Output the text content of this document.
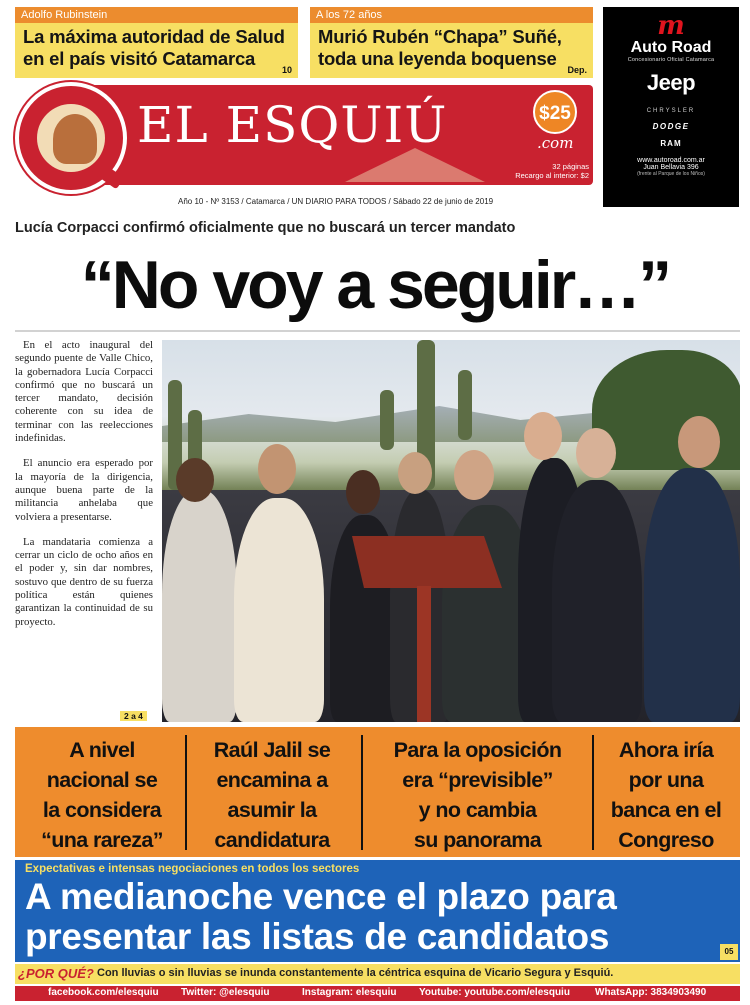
Adolfo Rubinstein
La máxima autoridad de Salud
en el país visitó Catamarca
10
A los 72 años
Murió Rubén “Chapa” Suñé,
toda una leyenda boquense
Dep.
m
Auto Road
Concesionario Oficial Catamarca
Jeep
CHRYSLER
DODGE
RAM
www.autoroad.com.ar
Juan Bellavia 396
(frente al Parque de los Niños)
EL ESQUIÚ	.com
$25
32 páginas
Recargo al interior: $2
Año 10 - Nº 3153 / Catamarca / UN DIARIO PARA TODOS / Sábado 22 de junio de 2019
Lucía Corpacci confirmó oficialmente que no buscará un tercer mandato
“No voy a seguir…”

En el acto inaugural del segundo puente de Valle Chico, la gobernadora Lucía Corpacci confirmó que no buscará un tercer mandato, decisión coherente con su idea de terminar con las reelecciones indefinidas.

El anuncio era esperado por la mayoría de la dirigencia, aunque buena parte de la militancia anhelaba que volviera a presentarse.

La mandataria comienza a cerrar un ciclo de ocho años en el poder y, sin dar nombres, sostuvo que dentro de su fuerza política están quienes garantizan la continuidad de su proyecto.

2 a 4
A nivel
nacional se
la considera
“una rareza”
Raúl Jalil se
encamina a
asumir la
candidatura
Para la oposición
era “previsible”
y no cambia
su panorama
Ahora iría
por una
banca en el
Congreso
Expectativas e intensas negociaciones en todos los sectores
A medianoche vence el plazo para
presentar las listas de candidatos	05
¿POR QUÉ? Con lluvias o sin lluvias se inunda constantemente la céntrica esquina de Vicario Segura y Esquiú.
facebook.com/elesquiu Twitter: @elesquiu	Instagram: elesquiu Youtube: youtube.com/elesquiu	WhatsApp: 3834903490
